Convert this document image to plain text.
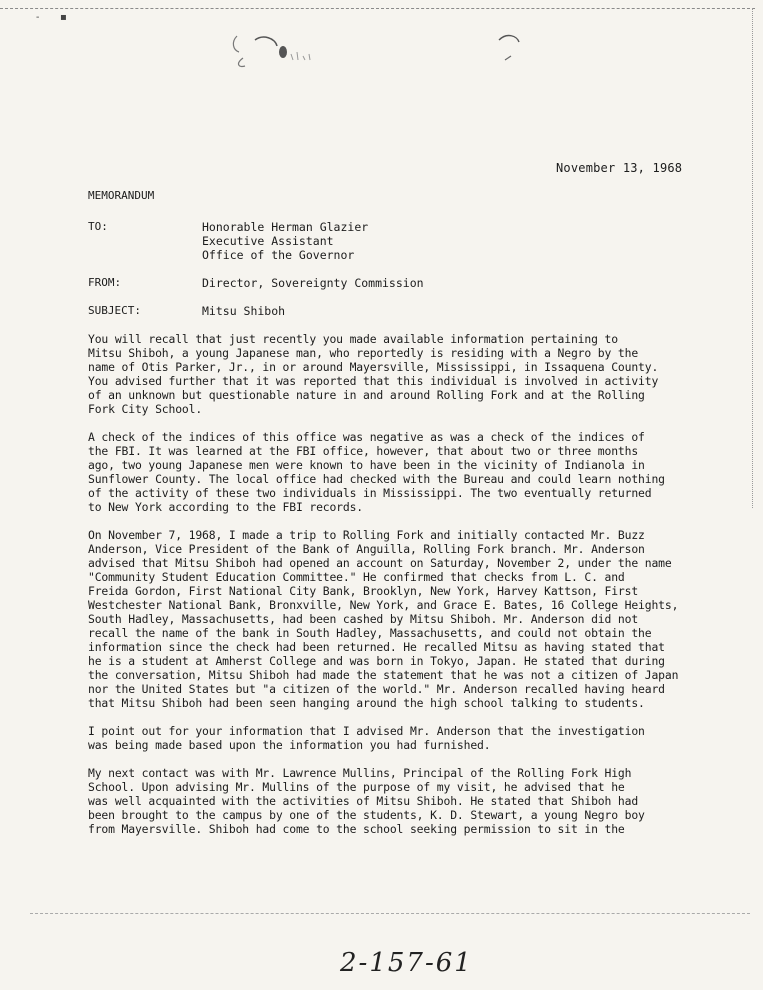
- ▪
November 13, 1968
MEMORANDUM
TO:	Honorable Herman Glazier
Executive Assistant
Office of the Governor
FROM:	Director, Sovereignty Commission
SUBJECT:	Mitsu Shiboh

You will recall that just recently you made available information pertaining to
Mitsu Shiboh, a young Japanese man, who reportedly is residing with a Negro by the
name of Otis Parker, Jr., in or around Mayersville, Mississippi, in Issaquena County.
You advised further that it was reported that this individual is involved in activity
of an unknown but questionable nature in and around Rolling Fork and at the Rolling
Fork City School.

A check of the indices of this office was negative as was a check of the indices of
the FBI. It was learned at the FBI office, however, that about two or three months
ago, two young Japanese men were known to have been in the vicinity of Indianola in
Sunflower County. The local office had checked with the Bureau and could learn nothing
of the activity of these two individuals in Mississippi. The two eventually returned
to New York according to the FBI records.

On November 7, 1968, I made a trip to Rolling Fork and initially contacted Mr. Buzz
Anderson, Vice President of the Bank of Anguilla, Rolling Fork branch. Mr. Anderson
advised that Mitsu Shiboh had opened an account on Saturday, November 2, under the name
"Community Student Education Committee." He confirmed that checks from L. C. and
Freida Gordon, First National City Bank, Brooklyn, New York, Harvey Kattson, First
Westchester National Bank, Bronxville, New York, and Grace E. Bates, 16 College Heights,
South Hadley, Massachusetts, had been cashed by Mitsu Shiboh. Mr. Anderson did not
recall the name of the bank in South Hadley, Massachusetts, and could not obtain the
information since the check had been returned. He recalled Mitsu as having stated that
he is a student at Amherst College and was born in Tokyo, Japan. He stated that during
the conversation, Mitsu Shiboh had made the statement that he was not a citizen of Japan
nor the United States but "a citizen of the world." Mr. Anderson recalled having heard
that Mitsu Shiboh had been seen hanging around the high school talking to students.

I point out for your information that I advised Mr. Anderson that the investigation
was being made based upon the information you had furnished.

My next contact was with Mr. Lawrence Mullins, Principal of the Rolling Fork High
School. Upon advising Mr. Mullins of the purpose of my visit, he advised that he
was well acquainted with the activities of Mitsu Shiboh. He stated that Shiboh had
been brought to the campus by one of the students, K. D. Stewart, a young Negro boy
from Mayersville. Shiboh had come to the school seeking permission to sit in the

2-157-61
